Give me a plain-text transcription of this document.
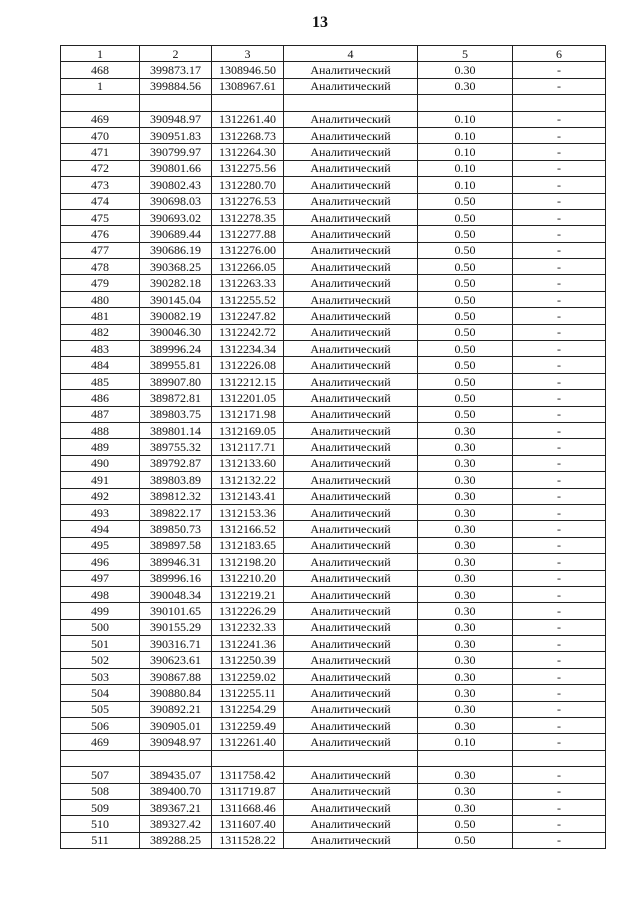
13
1	2	3	4	5	6
468	399873.17	1308946.50	Аналитический	0.30	-
1	399884.56	1308967.61	Аналитический	0.30	-

469	390948.97	1312261.40	Аналитический	0.10	-
470	390951.83	1312268.73	Аналитический	0.10	-
471	390799.97	1312264.30	Аналитический	0.10	-
472	390801.66	1312275.56	Аналитический	0.10	-
473	390802.43	1312280.70	Аналитический	0.10	-
474	390698.03	1312276.53	Аналитический	0.50	-
475	390693.02	1312278.35	Аналитический	0.50	-
476	390689.44	1312277.88	Аналитический	0.50	-
477	390686.19	1312276.00	Аналитический	0.50	-
478	390368.25	1312266.05	Аналитический	0.50	-
479	390282.18	1312263.33	Аналитический	0.50	-
480	390145.04	1312255.52	Аналитический	0.50	-
481	390082.19	1312247.82	Аналитический	0.50	-
482	390046.30	1312242.72	Аналитический	0.50	-
483	389996.24	1312234.34	Аналитический	0.50	-
484	389955.81	1312226.08	Аналитический	0.50	-
485	389907.80	1312212.15	Аналитический	0.50	-
486	389872.81	1312201.05	Аналитический	0.50	-
487	389803.75	1312171.98	Аналитический	0.50	-
488	389801.14	1312169.05	Аналитический	0.30	-
489	389755.32	1312117.71	Аналитический	0.30	-
490	389792.87	1312133.60	Аналитический	0.30	-
491	389803.89	1312132.22	Аналитический	0.30	-
492	389812.32	1312143.41	Аналитический	0.30	-
493	389822.17	1312153.36	Аналитический	0.30	-
494	389850.73	1312166.52	Аналитический	0.30	-
495	389897.58	1312183.65	Аналитический	0.30	-
496	389946.31	1312198.20	Аналитический	0.30	-
497	389996.16	1312210.20	Аналитический	0.30	-
498	390048.34	1312219.21	Аналитический	0.30	-
499	390101.65	1312226.29	Аналитический	0.30	-
500	390155.29	1312232.33	Аналитический	0.30	-
501	390316.71	1312241.36	Аналитический	0.30	-
502	390623.61	1312250.39	Аналитический	0.30	-
503	390867.88	1312259.02	Аналитический	0.30	-
504	390880.84	1312255.11	Аналитический	0.30	-
505	390892.21	1312254.29	Аналитический	0.30	-
506	390905.01	1312259.49	Аналитический	0.30	-
469	390948.97	1312261.40	Аналитический	0.10	-

507	389435.07	1311758.42	Аналитический	0.30	-
508	389400.70	1311719.87	Аналитический	0.30	-
509	389367.21	1311668.46	Аналитический	0.30	-
510	389327.42	1311607.40	Аналитический	0.50	-
511	389288.25	1311528.22	Аналитический	0.50	-
